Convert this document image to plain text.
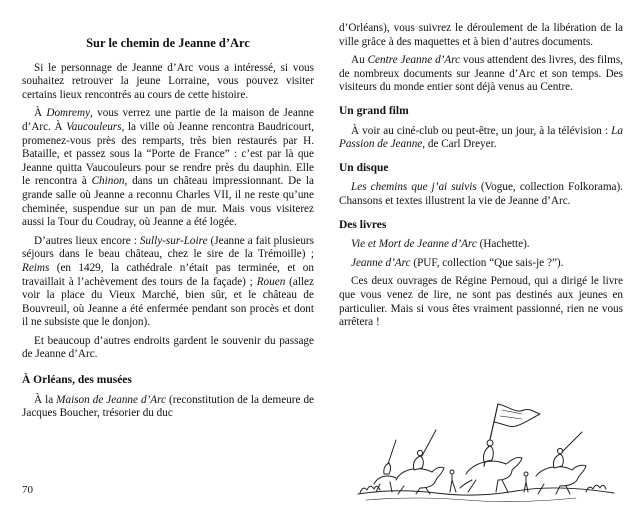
Sur le chemin de Jeanne d’Arc

Si le personnage de Jeanne d’Arc vous a intéressé, si vous souhaitez retrouver la jeune Lorraine, vous pouvez visiter certains lieux rencontrés au cours de cette histoire.

À Domremy, vous verrez une partie de la maison de Jeanne d’Arc. À Vaucouleurs, la ville où Jeanne rencontra Baudricourt, promenez-vous près des remparts, très bien restaurés par H. Bataille, et passez sous la “Porte de France” : c’est par là que Jeanne quitta Vaucouleurs pour se rendre près du dauphin. Elle le rencontra à Chinon, dans un château impressionnant. De la grande salle où Jeanne a reconnu Charles VII, il ne reste qu’une cheminée, suspendue sur un pan de mur. Mais vous visiterez aussi la Tour du Coudray, où Jeanne a été logée.

D’autres lieux encore : Sully-sur-Loire (Jeanne a fait plusieurs séjours dans le beau château, chez le sire de la Trémoille) ; Reims (en 1429, la cathédrale n’était pas terminée, et on travaillait à l’achèvement des tours de la façade) ; Rouen (allez voir la place du Vieux Marché, bien sûr, et le château de Bouvreuil, où Jeanne a été enfermée pendant son procès et dont il ne subsiste que le donjon).

Et beaucoup d’autres endroits gardent le souvenir du passage de Jeanne d’Arc.

À Orléans, des musées

À la Maison de Jeanne d’Arc (reconstitution de la demeure de Jacques Boucher, trésorier du duc

70

d’Orléans), vous suivrez le déroulement de la libération de la ville grâce à des maquettes et à bien d’autres documents.

Au Centre Jeanne d’Arc vous attendent des livres, des films, de nombreux documents sur Jeanne d’Arc et son temps. Des visiteurs du monde entier sont déjà venus au Centre.

Un grand film

À voir au ciné-club ou peut-être, un jour, à la télévision : La Passion de Jeanne, de Carl Dreyer.

Un disque

Les chemins que j’ai suivis (Vogue, collection Folkorama). Chansons et textes illustrent la vie de Jeanne d’Arc.

Des livres

Vie et Mort de Jeanne d’Arc (Hachette).

Jeanne d’Arc (PUF, collection “Que sais-je ?”).

Ces deux ouvrages de Régine Pernoud, qui a dirigé le livre que vous venez de lire, ne sont pas destinés aux jeunes en particulier. Mais si vous êtes vraiment passionné, rien ne vous arrêtera !
